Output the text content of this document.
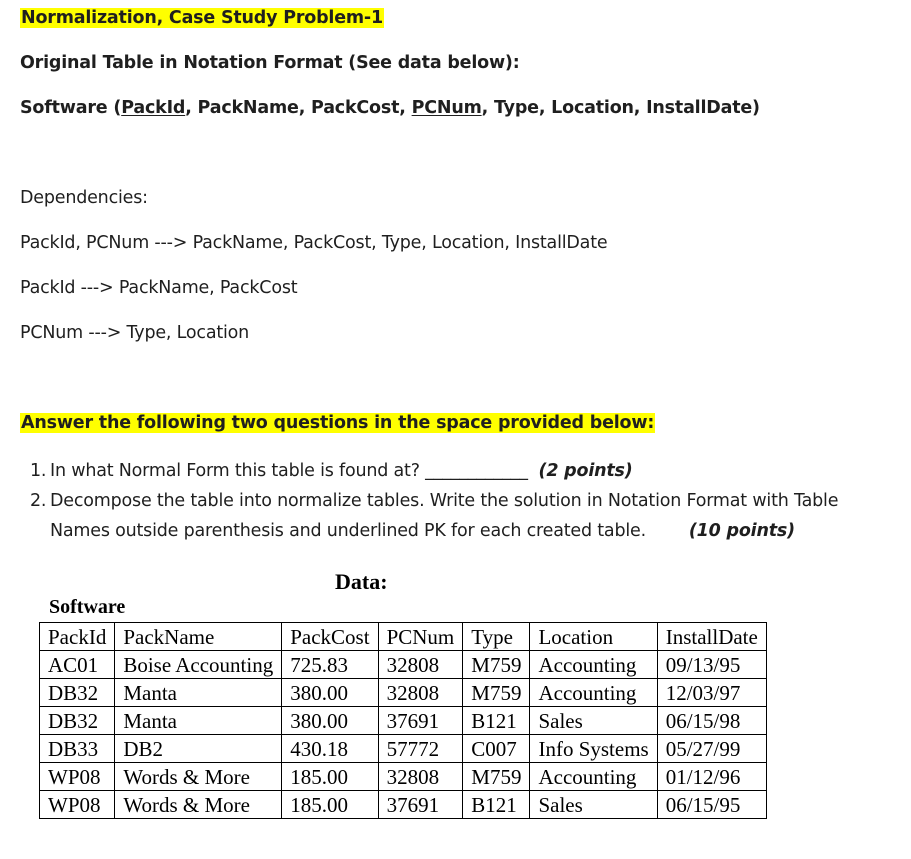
Normalization, Case Study Problem-1
Original Table in Notation Format (See data below):
Software (PackId, PackName, PackCost, PCNum, Type, Location, InstallDate)
Dependencies:
PackId, PCNum ---> PackName, PackCost, Type, Location, InstallDate
PackId ---> PackName, PackCost
PCNum ---> Type, Location
Answer the following two questions in the space provided below:
1. In what Normal Form this table is found at? ____________  (2 points)
2. Decompose the table into normalize tables. Write the solution in Notation Format with Table Names outside parenthesis and underlined PK for each created table.        (10 points)
Data:
Software
PackId	PackName	PackCost	PCNum	Type	Location	InstallDate
AC01	Boise Accounting	725.83	32808	M759	Accounting	09/13/95
DB32	Manta	380.00	32808	M759	Accounting	12/03/97
DB32	Manta	380.00	37691	B121	Sales	06/15/98
DB33	DB2	430.18	57772	C007	Info Systems	05/27/99
WP08	Words & More	185.00	32808	M759	Accounting	01/12/96
WP08	Words & More	185.00	37691	B121	Sales	06/15/95
